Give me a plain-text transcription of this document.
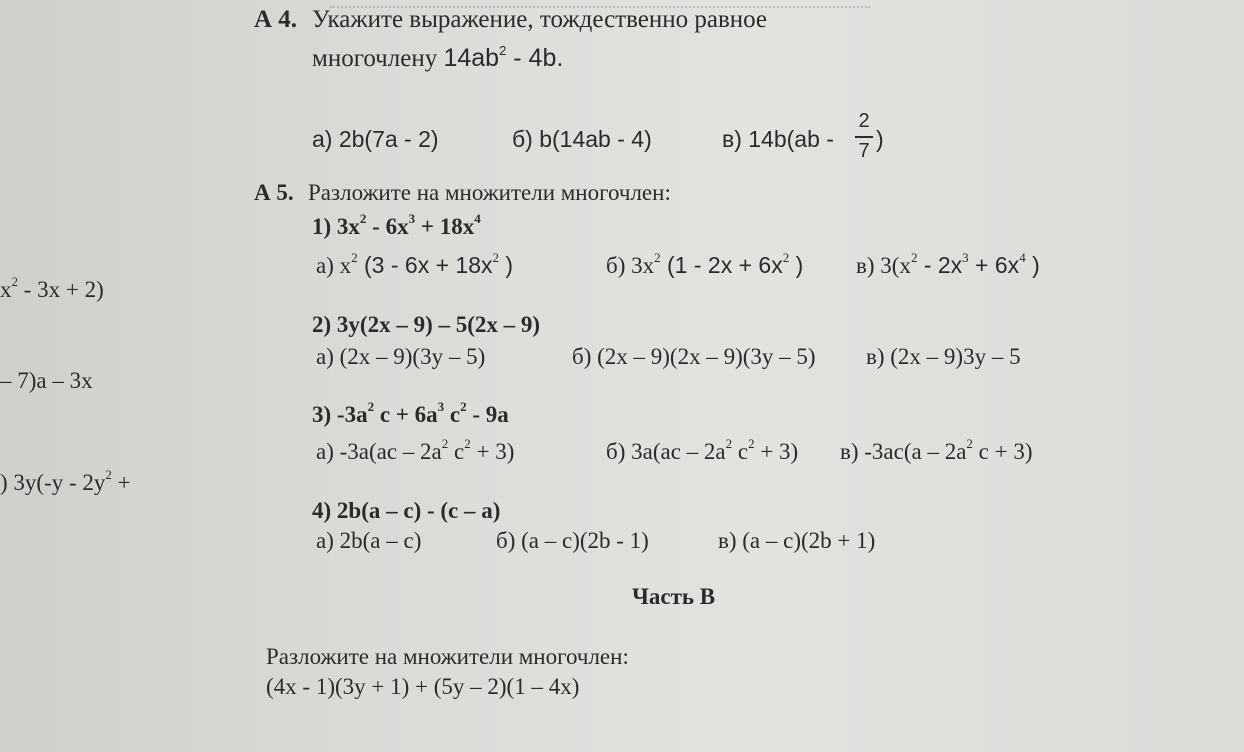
$x^2 - 3x + 2$)
– 7)a – 3x
) $3y(-y - 2y^2$ +
А 4. Укажите выражение, тождественно равное
многочлену $14ab^2 - 4b$.
а) 2b(7a - 2)	б) b(14ab - 4)	в) 14b(ab -
2
7 )
А 5. Разложите на множители многочлен:
1) $3x^2 - 6x^3 + 18x^4$
а) $x^2$ ($3 - 6x + 18x^2$ )	б) $3x^2$ ($1 - 2x + 6x^2$ ) в) $3(x^2 - 2x^3 + 6x^4$ )
2) 3y(2x – 9) – 5(2x – 9)
а) (2x – 9)(3y – 5)	б) (2x – 9)(2x – 9)(3y – 5) в) (2x – 9)3y – 5
3) $-3a^2$ $c + 6a^3$ $c^2 - 9a$
а) $-3a(ac - 2a^2$ $c^2 + 3$)	б) $3a(ac - 2a^2$ $c^2 + 3$) в) $-3ac(a - 2a^2$ c + 3)
4) 2b(a – c) - (c – a)
а) 2b(a – c)	б) (a – c)(2b - 1)	в) (a – c)(2b + 1)
Часть В
Разложите на множители многочлен:
(4x - 1)(3y + 1) + (5y – 2)(1 – 4x)
